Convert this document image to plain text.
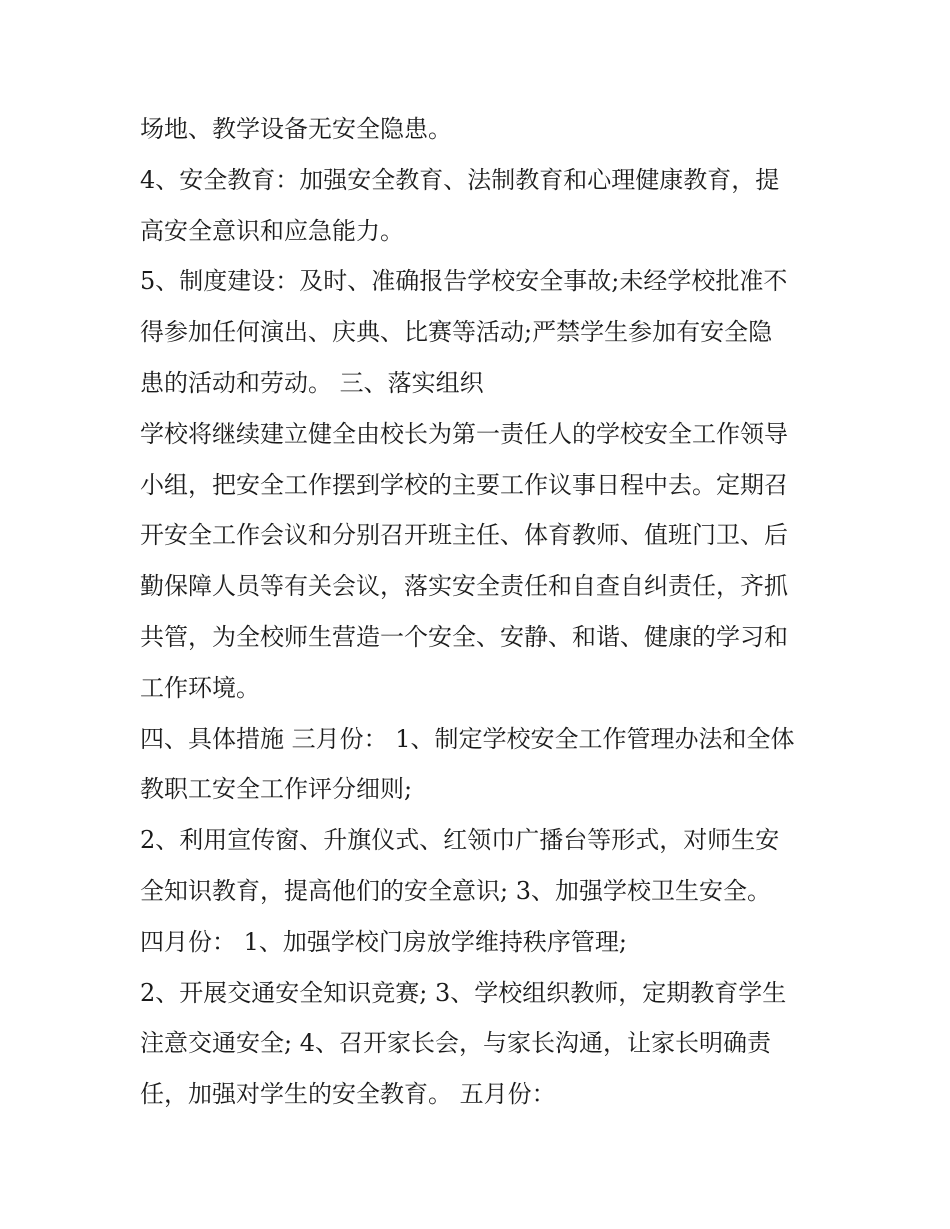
场地、教学设备无安全隐患。
4、安全教育：加强安全教育、法制教育和心理健康教育，提
高安全意识和应急能力。
5、制度建设：及时、准确报告学校安全事故;未经学校批准不
得参加任何演出、庆典、比赛等活动;严禁学生参加有安全隐
患的活动和劳动。 三、落实组织
学校将继续建立健全由校长为第一责任人的学校安全工作领导
小组，把安全工作摆到学校的主要工作议事日程中去。定期召
开安全工作会议和分别召开班主任、体育教师、值班门卫、后
勤保障人员等有关会议，落实安全责任和自查自纠责任，齐抓
共管，为全校师生营造一个安全、安静、和谐、健康的学习和
工作环境。
四、具体措施 三月份： 1、制定学校安全工作管理办法和全体
教职工安全工作评分细则;
2、利用宣传窗、升旗仪式、红领巾广播台等形式，对师生安
全知识教育，提高他们的安全意识; 3、加强学校卫生安全。
四月份： 1、加强学校门房放学维持秩序管理;
2、开展交通安全知识竞赛; 3、学校组织教师，定期教育学生
注意交通安全; 4、召开家长会，与家长沟通，让家长明确责
任，加强对学生的安全教育。 五月份：
